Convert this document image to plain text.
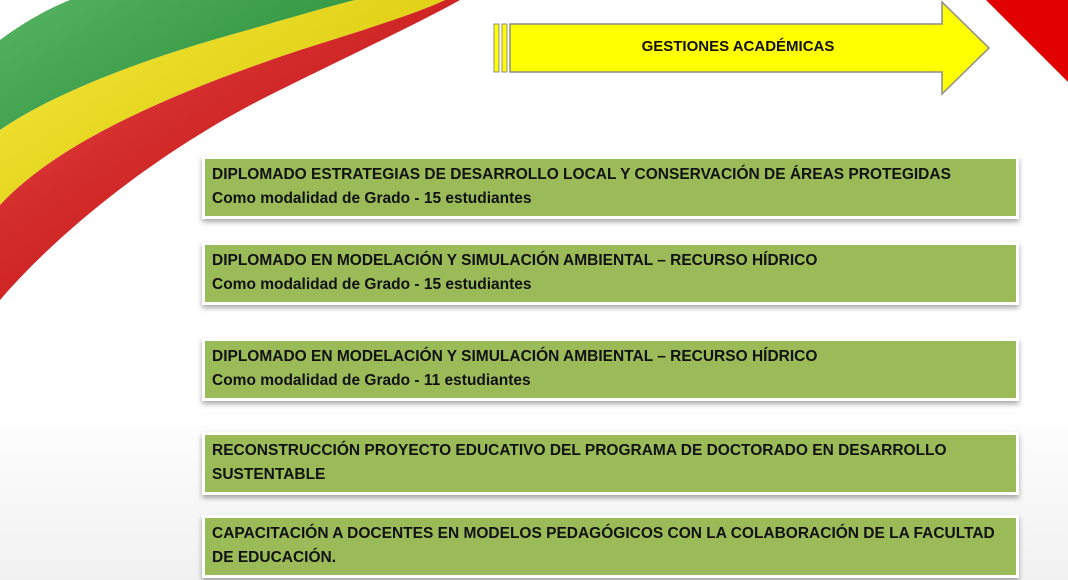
GESTIONES ACADÉMICAS
DIPLOMADO ESTRATEGIAS DE DESARROLLO LOCAL Y CONSERVACIÓN DE ÁREAS PROTEGIDAS
Como modalidad de Grado - 15 estudiantes
DIPLOMADO EN MODELACIÓN Y SIMULACIÓN AMBIENTAL – RECURSO HÍDRICO
Como modalidad de Grado - 15 estudiantes
DIPLOMADO EN MODELACIÓN Y SIMULACIÓN AMBIENTAL – RECURSO HÍDRICO
Como modalidad de Grado - 11 estudiantes
RECONSTRUCCIÓN PROYECTO EDUCATIVO DEL PROGRAMA DE DOCTORADO EN DESARROLLO SUSTENTABLE
CAPACITACIÓN A DOCENTES EN MODELOS PEDAGÓGICOS CON LA COLABORACIÓN DE LA FACULTAD DE EDUCACIÓN.
